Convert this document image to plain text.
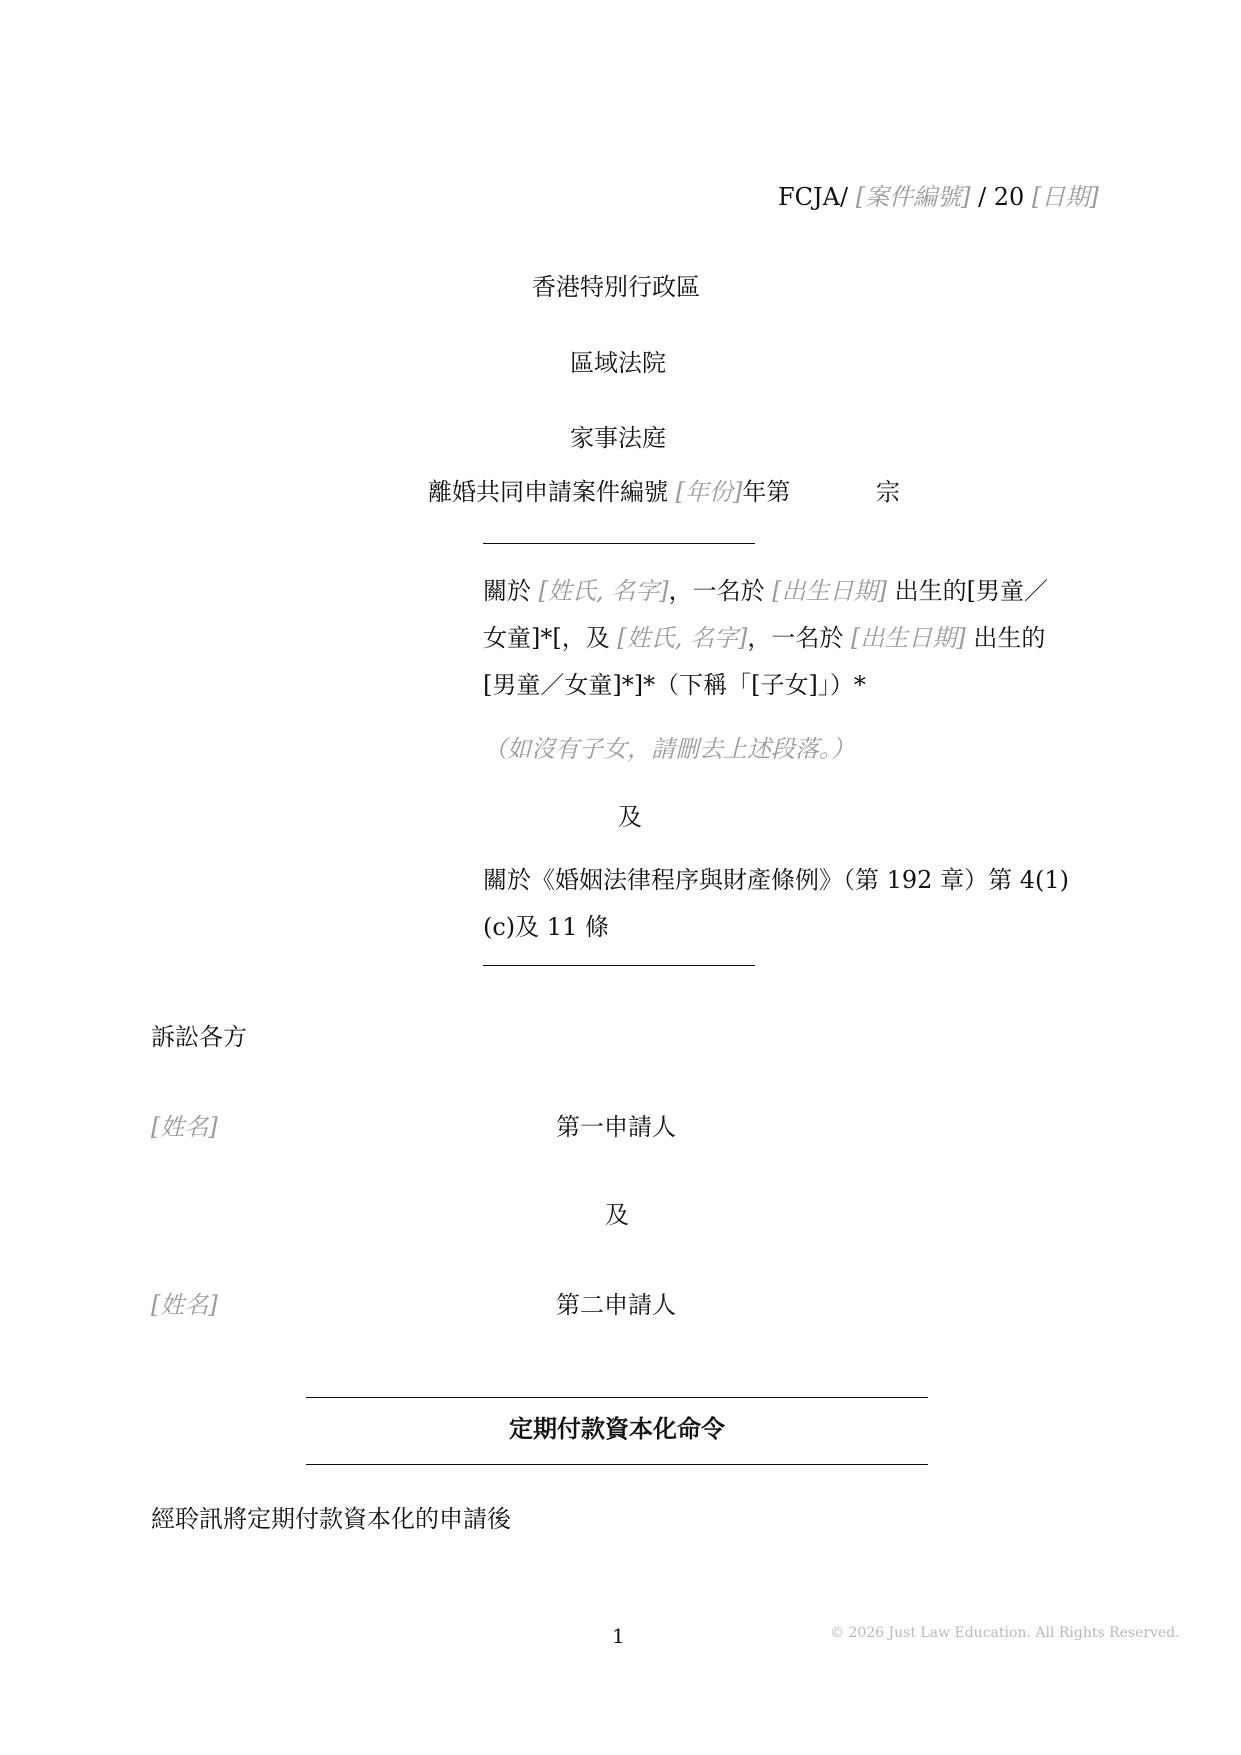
FCJA/ [案件編號] / 20 [日期]
香港特別行政區
區域法院
家事法庭
離婚共同申請案件編號 [年份]年第	宗
關於 [姓氏, 名字]，一名於 [出生日期] 出生的[男童／
女童]*[，及 [姓氏, 名字]，一名於 [出生日期] 出生的
[男童／女童]*]*（下稱「[子女]」）*
（如沒有子女，請刪去上述段落。）
及
關於《婚姻法律程序與財產條例》（第 192 章）第 4(1)
(c)及 11 條
訴訟各方
[姓名]	第一申請人
及
[姓名]	第二申請人
定期付款資本化命令
經聆訊將定期付款資本化的申請後
1	© 2026 Just Law Education. All Rights Reserved.
